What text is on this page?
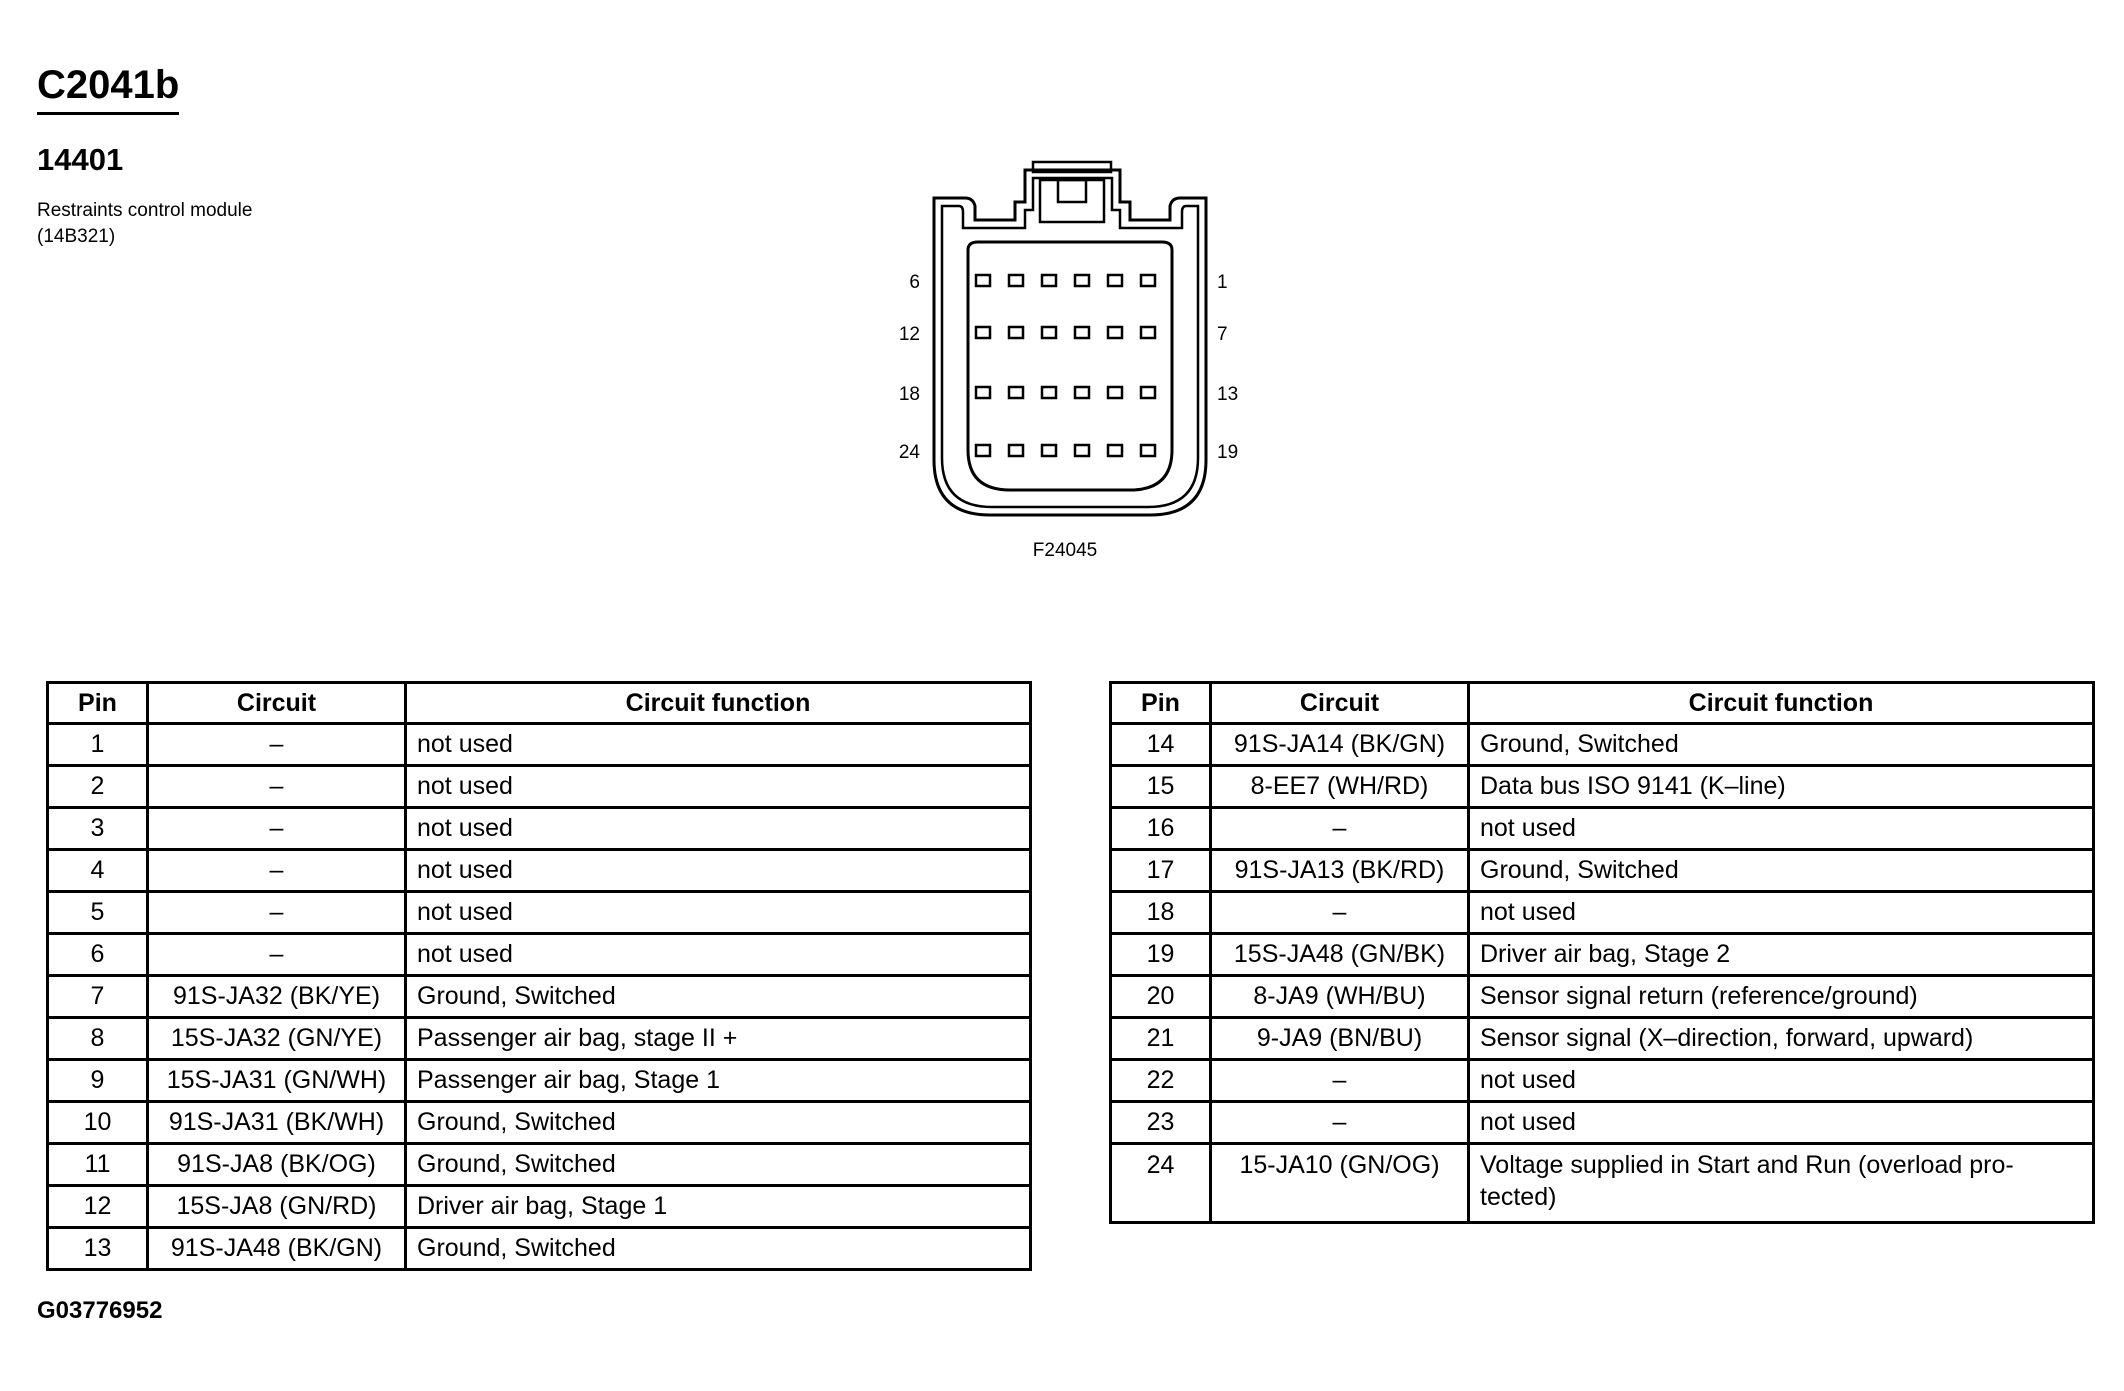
C2041b
14401
Restraints control module (14B321)
6
12
18
24
1
7
13
19
F24045
Pin	Circuit	Circuit function
1	–	not used
2	–	not used
3	–	not used
4	–	not used
5	–	not used
6	–	not used
7	91S-JA32 (BK/YE)	Ground, Switched
8	15S-JA32 (GN/YE)	Passenger air bag, stage II +
9	15S-JA31 (GN/WH)	Passenger air bag, Stage 1
10	91S-JA31 (BK/WH)	Ground, Switched
11	91S-JA8 (BK/OG)	Ground, Switched
12	15S-JA8 (GN/RD)	Driver air bag, Stage 1
13	91S-JA48 (BK/GN)	Ground, Switched
Pin	Circuit	Circuit function
14	91S-JA14 (BK/GN)	Ground, Switched
15	8-EE7 (WH/RD)	Data bus ISO 9141 (K–line)
16	–	not used
17	91S-JA13 (BK/RD)	Ground, Switched
18	–	not used
19	15S-JA48 (GN/BK)	Driver air bag, Stage 2
20	8-JA9 (WH/BU)	Sensor signal return (reference/ground)
21	9-JA9 (BN/BU)	Sensor signal (X–direction, forward, upward)
22	–	not used
23	–	not used
24	15-JA10 (GN/OG)	Voltage supplied in Start and Run (overload pro- tected)
G03776952
